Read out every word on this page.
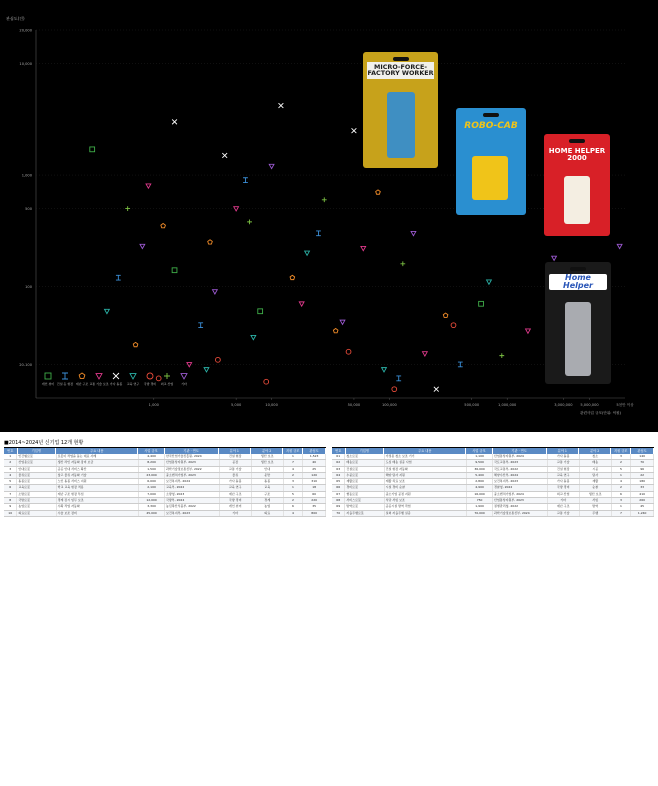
관심도(건)
관련사업 규모(단위: 억원)
20,000
10,000
1,000
500
100
20-100
1,000	5,000	10,000	50,000	100,000	500,000	1,000,000	3,000,000 5,000,000	5천만 이상
개인 취미 건설 등 현장 재난 구조 교통 기술 보조 가사 돌봄 교육 연구 국방 경비 외교 산업	기타
MICRO-FORCE-
FACTORY WORKER
ROBO-CAB
HOME HELPER
2000
Home
Helper
■2014~2024년 신기업 12개 현황
번호	기업명	주요 내용	사업 규모	기관 · 연도	분야 1	분야 2	지원 규모	관심도
1	인간형로봇	로봇이 작업을 돕는 대표 사례	4,400	한국산업기술진흥원, 2024	건설 현장	생산 보조	1	1,523
2	산업용로봇	생산 라인 자동화 장비 보급	8,200	산업통상자원부, 2023	공장	생산 보조	7	40
3	안내로봇	공공 안내 서비스 확산	1,500	과학기술정보통신부, 2022	교통 기술	안내	4	25
4	물류로봇	창고 물류 자동화 기술	23,000	중소벤처기업부, 2023	물류	운반	2	120
5	돌봄로봇	노인 돌봄 서비스 지원	6,000	보건복지부, 2024	가사 돌봄	돌봄	3	310
6	교육로봇	학교 교육 현장 적용	2,100	교육부, 2022	교육 연구	교육	1	18
7	소방로봇	재난 구조 현장 투입	7,000	소방청, 2023	재난 구조	구조	5	60
8	국방로봇	경계 감시 임무 보조	12,000	국방부, 2024	국방 경비	경계	2	220
9	농업로봇	수확 작업 자동화	3,300	농림축산식품부, 2022	개인 취미	농업	6	35
10	의료로봇	수술 보조 장비	45,000	보건복지부, 2023	기타	의료	4	800
번호	기업명	주요 내용	사업 규모	기관 · 연도	분야 1	분야 2	지원 규모	관심도
61	청소로봇	가정용 청소 보조 기기	1,100	산업통상자원부, 2024	가사 돌봄	청소	3	140
62	배송로봇	도심 배송 실증 사업	9,500	국토교통부, 2023	교통 기술	배송	2	70
63	건설로봇	건설 현장 자동화	36,000	국토교통부, 2022	건설 현장	시공	5	96
64	수중로봇	해양 탐사 지원	5,400	해양수산부, 2024	교육 연구	탐사	1	22
65	재활로봇	재활 치료 보조	2,800	보건복지부, 2023	가사 돌봄	재활	4	180
66	경비로봇	시설 경비 순찰	4,900	경찰청, 2022	국방 경비	순찰	2	33
67	협동로봇	중소기업 공정 지원	16,000	중소벤처기업부, 2024	외교 산업	생산 보조	6	410
68	서비스로봇	식당 서빙 보조	750	산업통상자원부, 2023	기타	서빙	3	260
69	방역로봇	공공시설 방역 작업	1,900	질병관리청, 2022	재난 구조	방역	1	45
70	자율주행로봇	실외 자율주행 실증	70,000	과학기술정보통신부, 2024	교통 기술	주행	7	1,240
